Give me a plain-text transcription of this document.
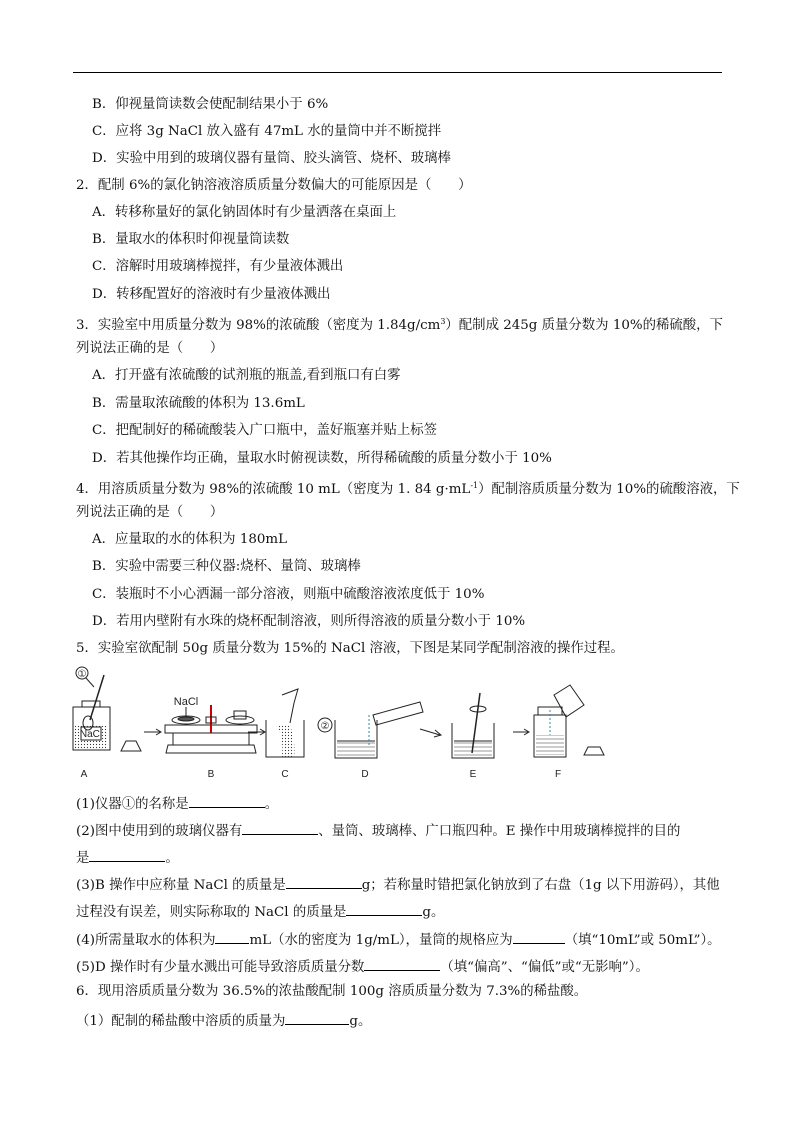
B．仰视量筒读数会使配制结果小于 6%
C．应将 3g NaCl 放入盛有 47mL 水的量筒中并不断搅拌
D．实验中用到的玻璃仪器有量筒、胶头滴管、烧杯、玻璃棒
2．配制 6%的氯化钠溶液溶质质量分数偏大的可能原因是（　　）
A．转移称量好的氯化钠固体时有少量洒落在桌面上
B．量取水的体积时仰视量筒读数
C．溶解时用玻璃棒搅拌，有少量液体溅出
D．转移配置好的溶液时有少量液体溅出
3．实验室中用质量分数为 98%的浓硫酸（密度为 $1.84g/cm^3$）配制成 245g 质量分数为 10%的稀硫酸，下
列说法正确的是（　　）
A．打开盛有浓硫酸的试剂瓶的瓶盖,看到瓶口有白雾
B．需量取浓硫酸的体积为 13.6mL
C．把配制好的稀硫酸装入广口瓶中，盖好瓶塞并贴上标签
D．若其他操作均正确，量取水时俯视读数，所得稀硫酸的质量分数小于 10%
4．用溶质质量分数为 98%的浓硫酸 10 mL（密度为 1. 84 $g\cdot mL^{-1}$）配制溶质质量分数为 10%的硫酸溶液，下
列说法正确的是（　　）
A．应量取的水的体积为 180mL
B．实验中需要三种仪器:烧杯、量筒、玻璃棒
C．装瓶时不小心洒漏一部分溶液，则瓶中硫酸溶液浓度低于 10%
D．若用内壁附有水珠的烧杯配制溶液，则所得溶液的质量分数小于 10%
5．实验室欲配制 50g 质量分数为 15%的 NaCl 溶液，下图是某同学配制溶液的操作过程。
①
NaCl
NaCl
②
A	B	C	D	E	F
(1)仪器①的名称是	。
(2)图中使用到的玻璃仪器有	、量筒、玻璃棒、广口瓶四种。E 操作中用玻璃棒搅拌的目的
是	。
(3)B 操作中应称量 NaCl 的质量是	g；若称量时错把氯化钠放到了右盘（1g 以下用游码），其他
过程没有误差，则实际称取的 NaCl 的质量是	g。
(4)所需量取水的体积为	mL（水的密度为 1g/mL），量筒的规格应为	（填“10mL”或 50mL”）。
(5)D 操作时有少量水溅出可能导致溶质质量分数	（填“偏高”、“偏低”或“无影响”）。
6．现用溶质质量分数为 36.5%的浓盐酸配制 100g 溶质质量分数为 7.3%的稀盐酸。
（1）配制的稀盐酸中溶质的质量为	g。
